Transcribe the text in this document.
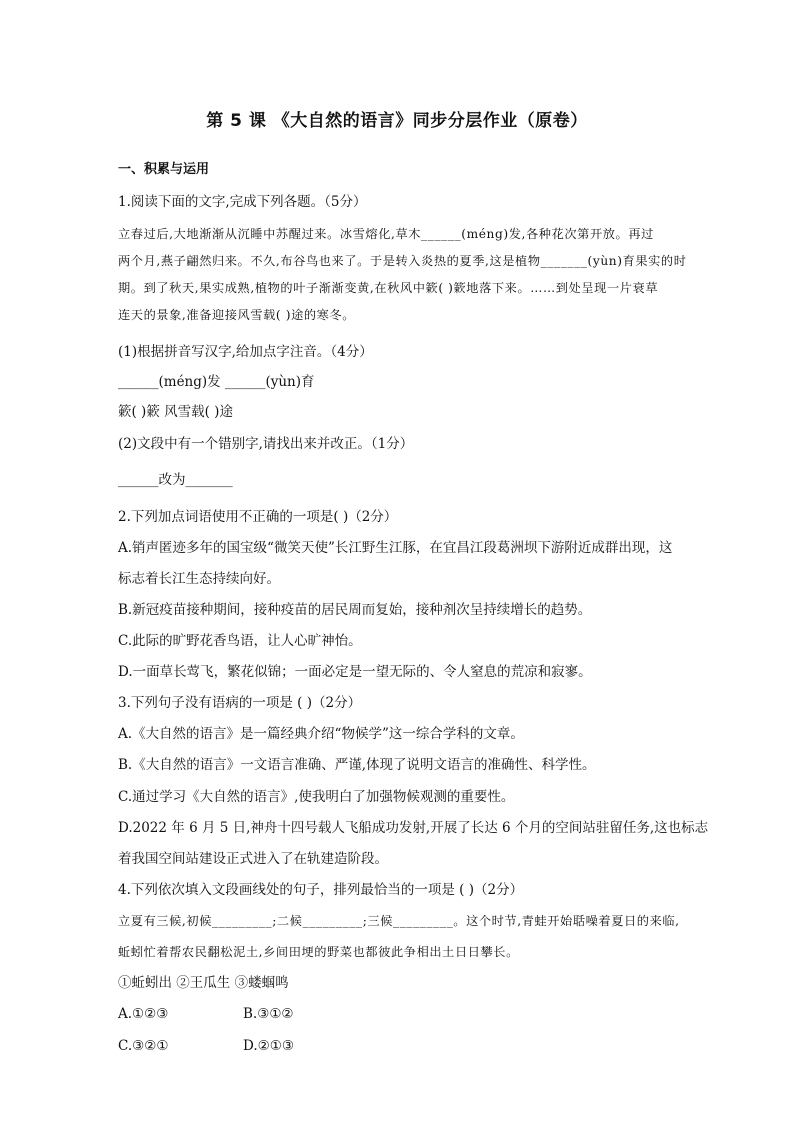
第 5 课 《大自然的语言》同步分层作业（原卷）
一、积累与运用
1.阅读下面的文字,完成下列各题。（5分）
立春过后,大地渐渐从沉睡中苏醒过来。冰雪熔化,草木______(méng)发,各种花次第开放。再过
两个月,燕子翩然归来。不久,布谷鸟也来了。于是转入炎热的夏季,这是植物_______(yùn)育果实的时
期。到了秋天,果实成熟,植物的叶子渐渐变黄,在秋风中簌( )簌地落下来。……到处呈现一片衰草
连天的景象,准备迎接风雪载( )途的寒冬。
(1)根据拼音写汉字,给加点字注音。（4分）
______(méng)发 ______(yùn)育
簌( )簌 风雪载( )途
(2)文段中有一个错别字,请找出来并改正。（1分）
______改为_______
2.下列加点词语使用不正确的一项是( )（2分）
A.销声匿迹多年的国宝级“微笑天使”长江野生江豚，在宜昌江段葛洲坝下游附近成群出现，这
标志着长江生态持续向好。
B.新冠疫苗接种期间，接种疫苗的居民周而复始，接种剂次呈持续增长的趋势。
C.此际的旷野花香鸟语，让人心旷神怡。
D.一面草长莺飞，繁花似锦；一面必定是一望无际的、令人窒息的荒凉和寂寥。
3.下列句子没有语病的一项是 ( )（2分）
A.《大自然的语言》是一篇经典介绍“物候学”这一综合学科的文章。
B.《大自然的语言》一文语言准确、严谨,体现了说明文语言的准确性、科学性。
C.通过学习《大自然的语言》,使我明白了加强物候观测的重要性。
D.2022 年 6 月 5 日,神舟十四号载人飞船成功发射,开展了长达 6 个月的空间站驻留任务,这也标志
着我国空间站建设正式进入了在轨建造阶段。
4.下列依次填入文段画线处的句子，排列最恰当的一项是 ( )（2分）
立夏有三候,初候_________;二候_________;三候_________。这个时节,青蛙开始聒噪着夏日的来临,
蚯蚓忙着帮农民翻松泥土,乡间田埂的野菜也都彼此争相出土日日攀长。
①蚯蚓出 ②王瓜生 ③蝼蝈鸣
A.①②③	B.③①②
C.③②①	D.②①③
